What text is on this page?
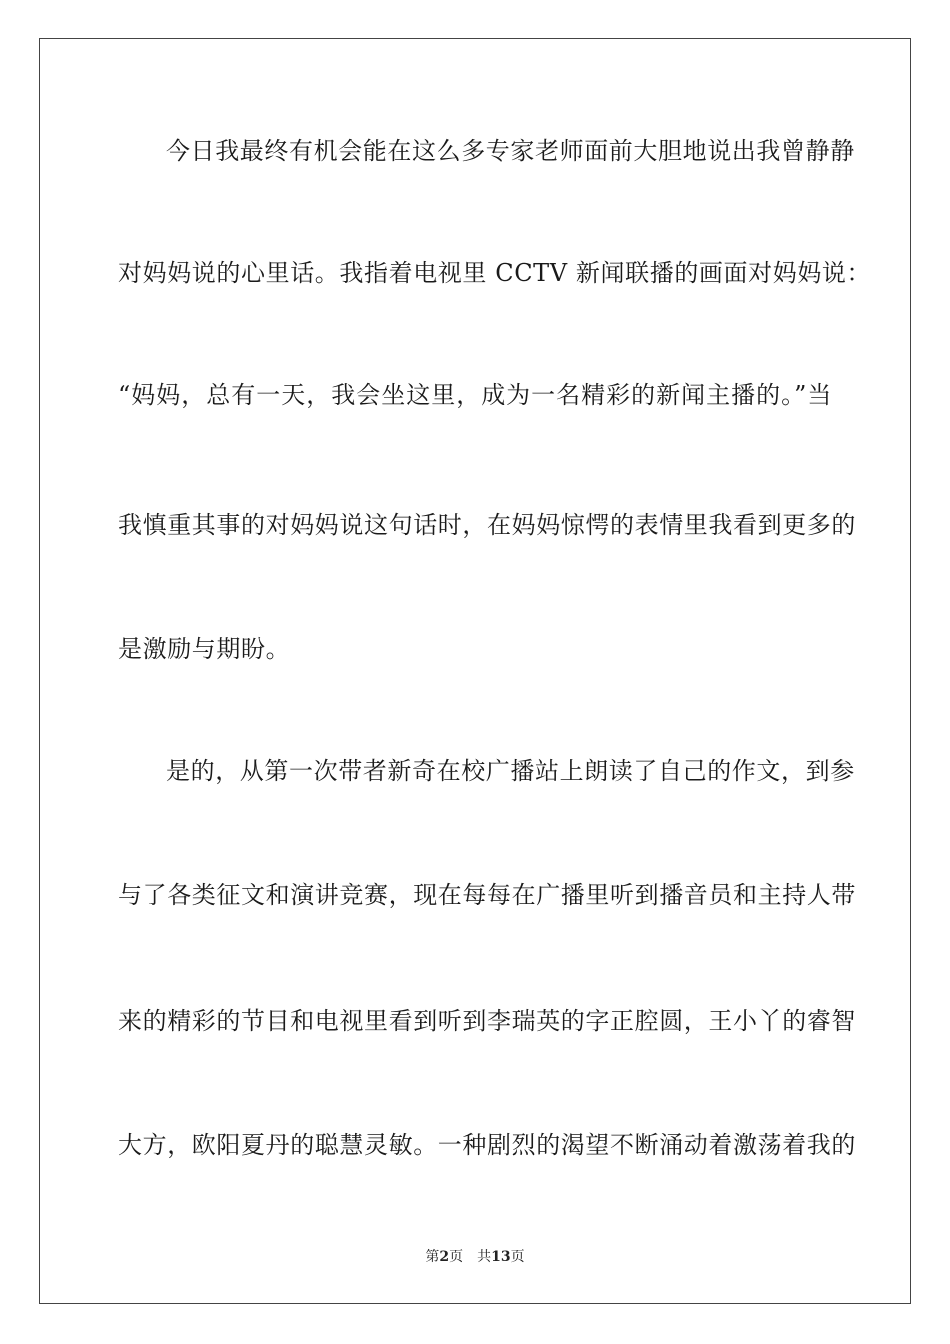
今日我最终有机会能在这么多专家老师面前大胆地说出我曾静静
对妈妈说的心里话。我指着电视里 CCTV 新闻联播的画面对妈妈说：
“妈妈，总有一天，我会坐这里，成为一名精彩的新闻主播的。”当
我慎重其事的对妈妈说这句话时，在妈妈惊愕的表情里我看到更多的
是激励与期盼。
是的，从第一次带者新奇在校广播站上朗读了自己的作文，到参
与了各类征文和演讲竞赛，现在每每在广播里听到播音员和主持人带
来的精彩的节目和电视里看到听到李瑞英的字正腔圆，王小丫的睿智
大方，欧阳夏丹的聪慧灵敏。一种剧烈的渴望不断涌动着激荡着我的
第2页 共13页
